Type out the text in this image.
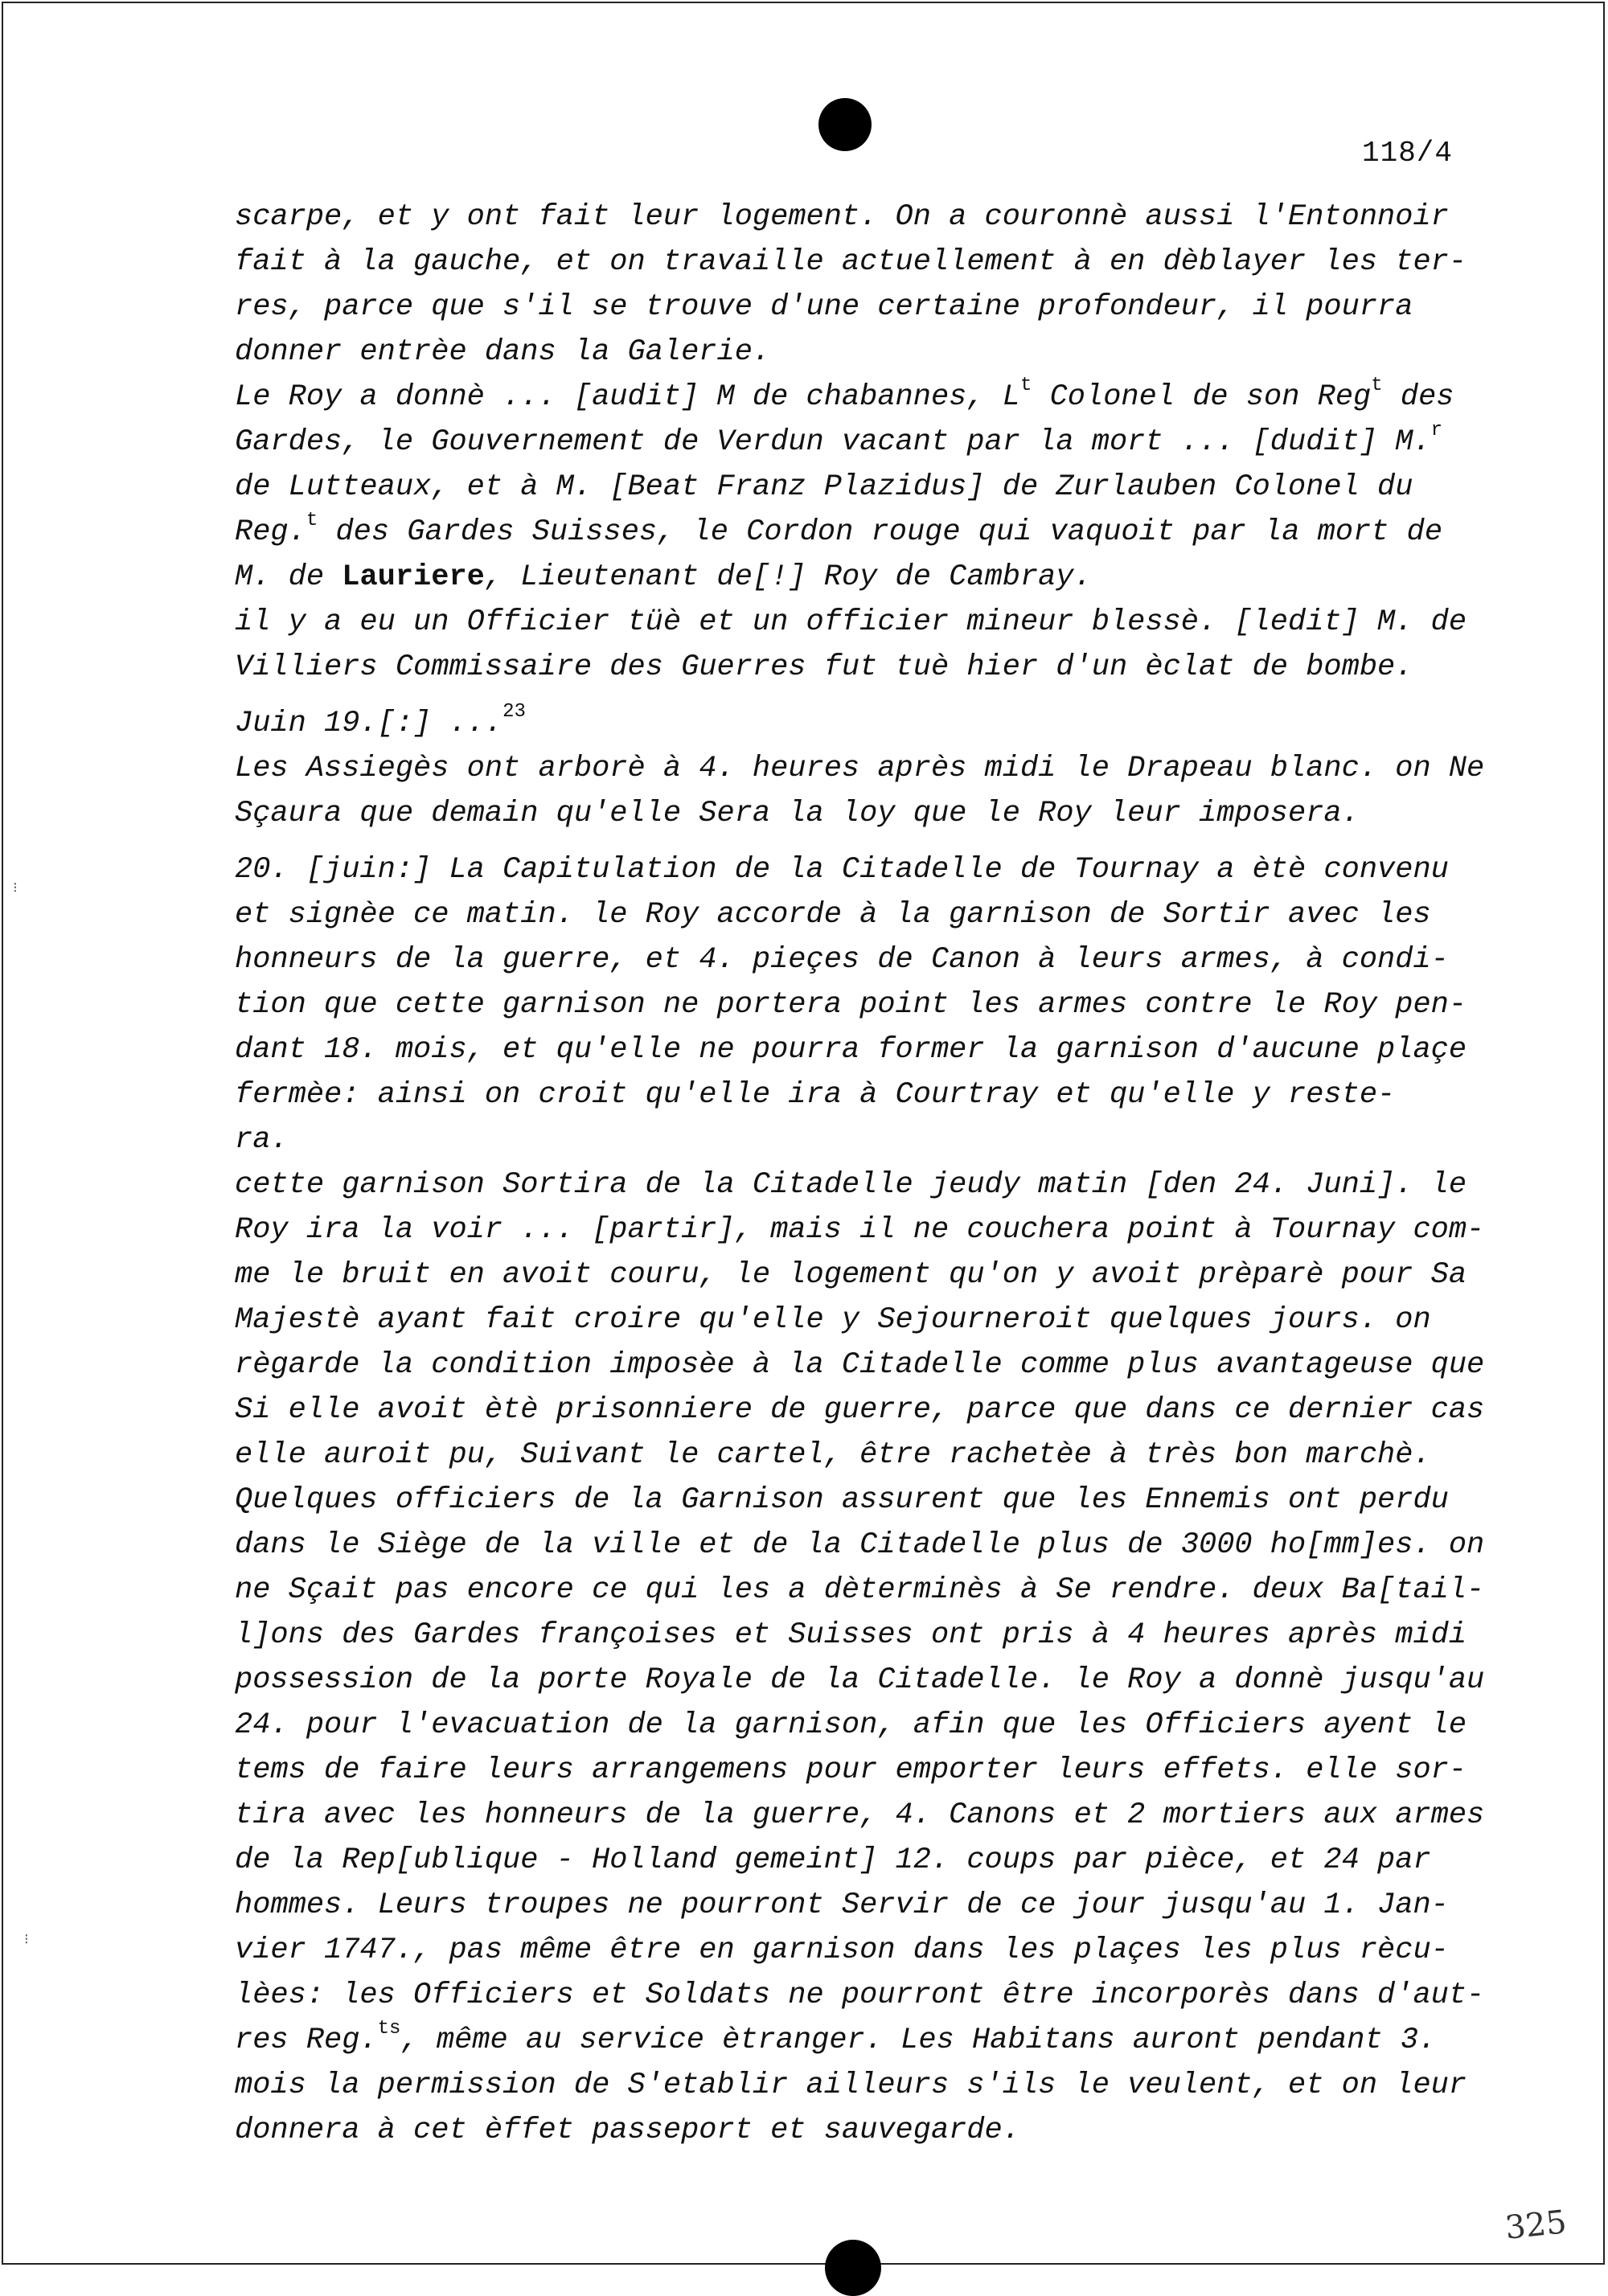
118/4
⁝
⁝
scarpe, et y ont fait leur logement. On a couronnè aussi l'Entonnoir
fait à la gauche, et on travaille actuellement à en dèblayer les ter-
res, parce que s'il se trouve d'une certaine profondeur, il pourra
donner entrèe dans la Galerie.
Le Roy a donnè ... [audit] M de chabannes, $L^t$ Colonel de son Reg$^t$ des
Gardes, le Gouvernement de Verdun vacant par la mort ... [dudit] M.$^r$
de Lutteaux, et à M. [Beat Franz Plazidus] de Zurlauben Colonel du
Reg.$^t$ des Gardes Suisses, le Cordon rouge qui vaquoit par la mort de
M. de Lauriere, Lieutenant de[!] Roy de Cambray.
il y a eu un Officier tüè et un officier mineur blessè. [ledit] M. de
Villiers Commissaire des Guerres fut tuè hier d'un èclat de bombe.
Juin 19.[:] ...$^{23}$
Les Assiegès ont arborè à 4. heures après midi le Drapeau blanc. on Ne
Sçaura que demain qu'elle Sera la loy que le Roy leur imposera.
20. [juin:] La Capitulation de la Citadelle de Tournay a ètè convenu
et signèe ce matin. le Roy accorde à la garnison de Sortir avec les
honneurs de la guerre, et 4. pieçes de Canon à leurs armes, à condi-
tion que cette garnison ne portera point les armes contre le Roy pen-
dant 18. mois, et qu'elle ne pourra former la garnison d'aucune plaçe
fermèe: ainsi on croit qu'elle ira à Courtray et qu'elle y reste-
ra.
cette garnison Sortira de la Citadelle jeudy matin [den 24. Juni]. le
Roy ira la voir ... [partir], mais il ne couchera point à Tournay com-
me le bruit en avoit couru, le logement qu'on y avoit prèparè pour Sa
Majestè ayant fait croire qu'elle y Sejourneroit quelques jours. on
règarde la condition imposèe à la Citadelle comme plus avantageuse que
Si elle avoit ètè prisonniere de guerre, parce que dans ce dernier cas
elle auroit pu, Suivant le cartel, être rachetèe à très bon marchè.
Quelques officiers de la Garnison assurent que les Ennemis ont perdu
dans le Siège de la ville et de la Citadelle plus de 3000 ho[mm]es. on
ne Sçait pas encore ce qui les a dèterminès à Se rendre. deux Ba[tail-
l]ons des Gardes françoises et Suisses ont pris à 4 heures après midi
possession de la porte Royale de la Citadelle. le Roy a donnè jusqu'au
24. pour l'evacuation de la garnison, afin que les Officiers ayent le
tems de faire leurs arrangemens pour emporter leurs effets. elle sor-
tira avec les honneurs de la guerre, 4. Canons et 2 mortiers aux armes
de la Rep[ublique - Holland gemeint] 12. coups par pièce, et 24 par
hommes. Leurs troupes ne pourront Servir de ce jour jusqu'au 1. Jan-
vier 1747., pas même être en garnison dans les plaçes les plus rècu-
lèes: les Officiers et Soldats ne pourront être incorporès dans d'aut-
res Reg.$^{ts}$, même au service ètranger. Les Habitans auront pendant 3.
mois la permission de S'etablir ailleurs s'ils le veulent, et on leur
donnera à cet èffet passeport et sauvegarde.
325
